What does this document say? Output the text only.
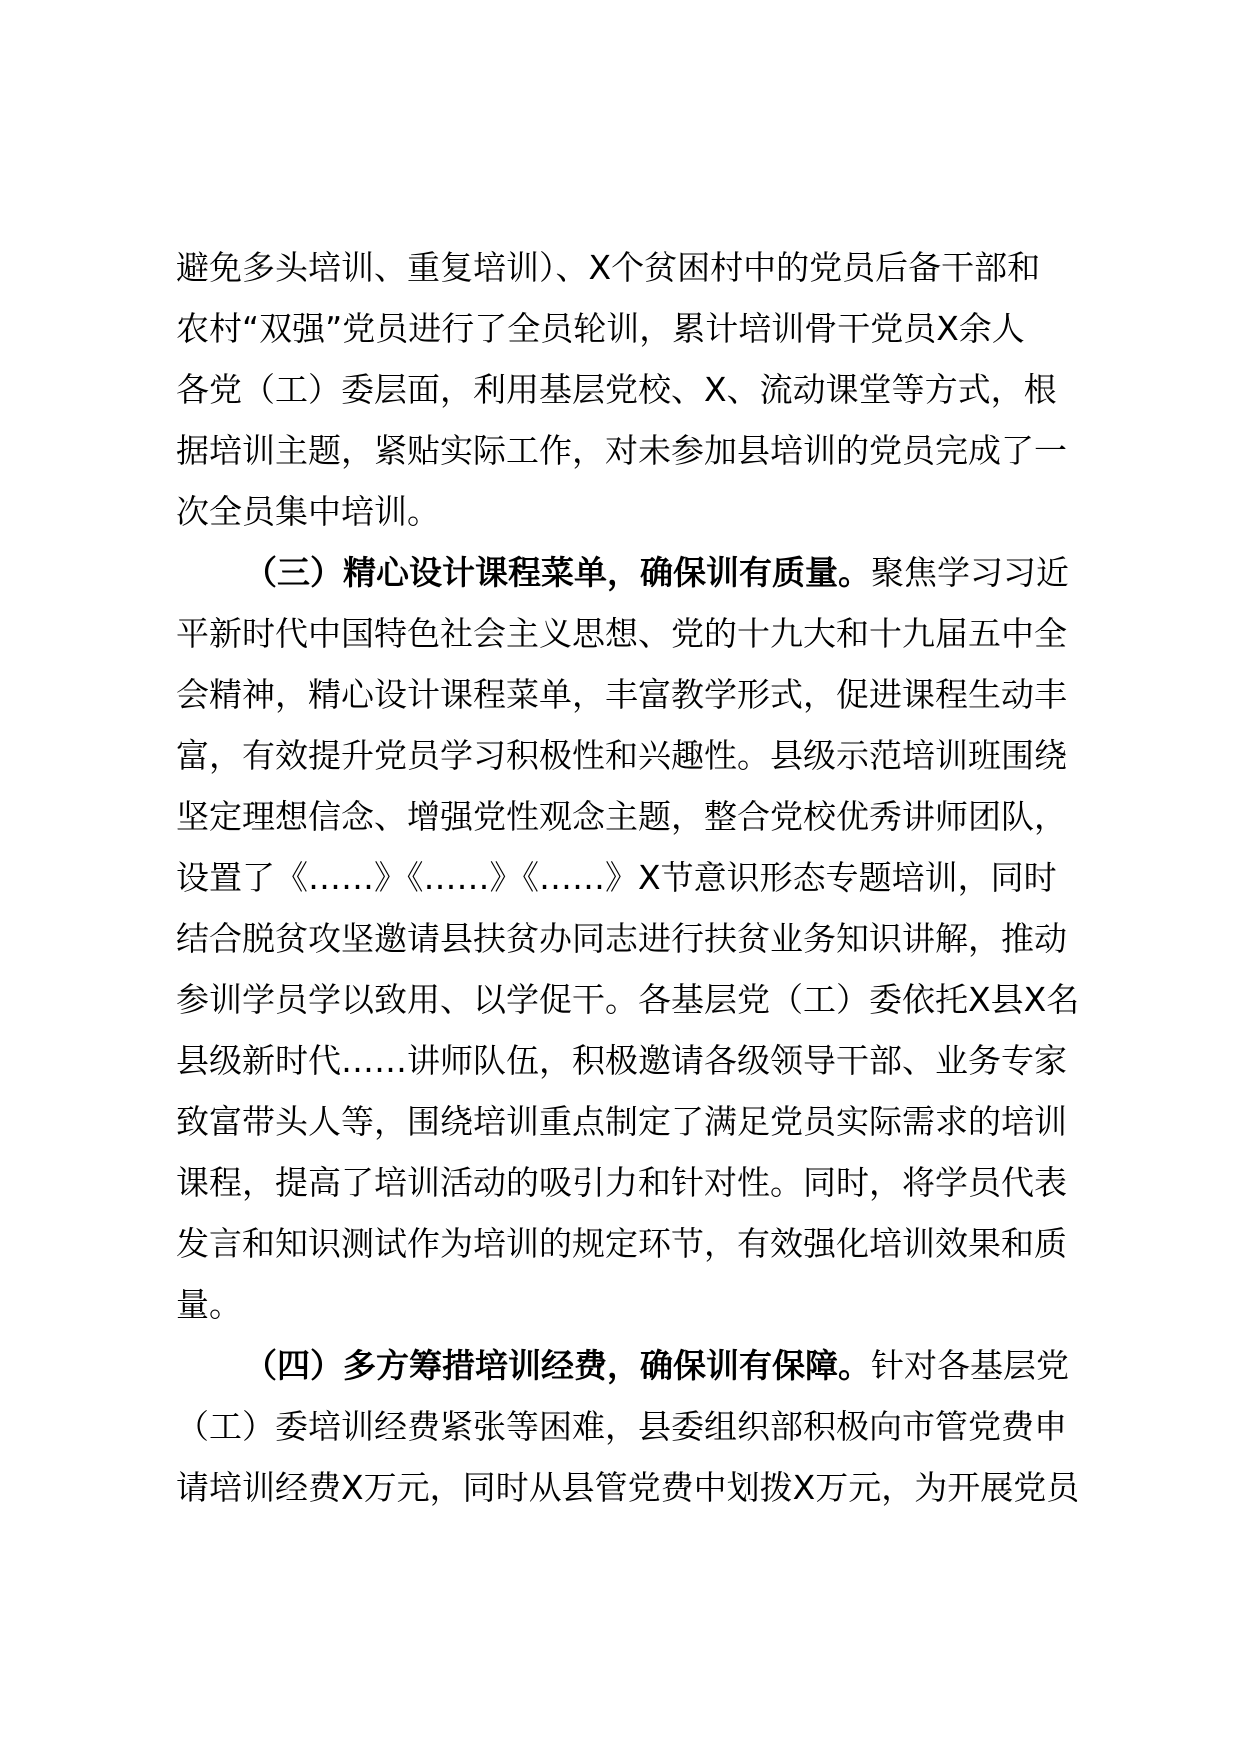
避免多头培训、重复培训）、X个贫困村中的党员后备干部和
农村“双强”党员进行了全员轮训，累计培训骨干党员X余人
各党（工）委层面，利用基层党校、X、流动课堂等方式，根
据培训主题，紧贴实际工作，对未参加县培训的党员完成了一
次全员集中培训。
（三）精心设计课程菜单，确保训有质量。聚焦学习习近
平新时代中国特色社会主义思想、党的十九大和十九届五中全
会精神，精心设计课程菜单，丰富教学形式，促进课程生动丰
富，有效提升党员学习积极性和兴趣性。县级示范培训班围绕
坚定理想信念、增强党性观念主题，整合党校优秀讲师团队，
设置了《……》《……》《……》X节意识形态专题培训，同时
结合脱贫攻坚邀请县扶贫办同志进行扶贫业务知识讲解，推动
参训学员学以致用、以学促干。各基层党（工）委依托X县X名
县级新时代……讲师队伍，积极邀请各级领导干部、业务专家
致富带头人等，围绕培训重点制定了满足党员实际需求的培训
课程，提高了培训活动的吸引力和针对性。同时，将学员代表
发言和知识测试作为培训的规定环节，有效强化培训效果和质
量。
（四）多方筹措培训经费，确保训有保障。针对各基层党
（工）委培训经费紧张等困难，县委组织部积极向市管党费申
请培训经费X万元，同时从县管党费中划拨X万元，为开展党员
